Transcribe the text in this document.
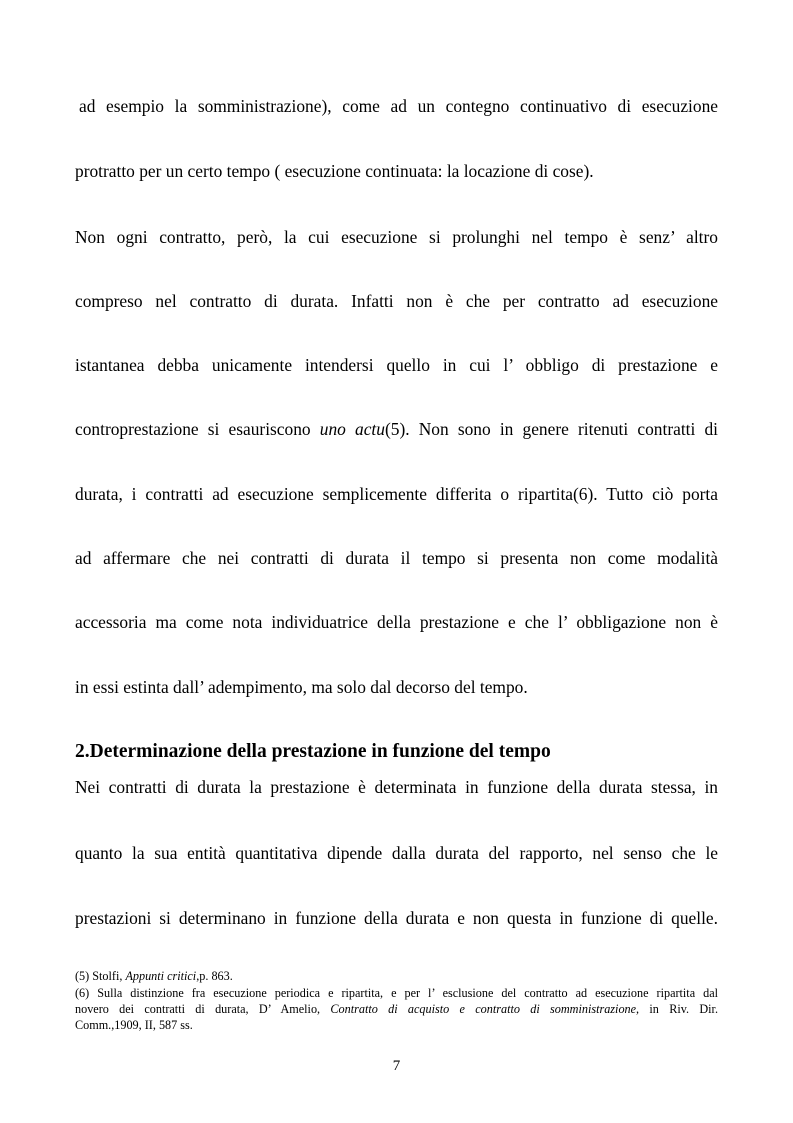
ad esempio la somministrazione), come ad un contegno continuativo di esecuzione
protratto per un certo tempo ( esecuzione continuata: la locazione di cose).
Non ogni contratto, però, la cui esecuzione si prolunghi nel tempo è senz’ altro
compreso nel contratto di durata. Infatti non è che per contratto ad esecuzione
istantanea debba unicamente intendersi quello in cui l’ obbligo di prestazione e
controprestazione si esauriscono uno actu(5). Non sono in genere ritenuti contratti di
durata, i contratti ad esecuzione semplicemente differita o ripartita(6). Tutto ciò porta
ad affermare che nei contratti di durata il tempo si presenta non come modalità
accessoria ma come nota individuatrice della prestazione e che l’ obbligazione non è
in essi estinta dall’ adempimento, ma solo dal decorso del tempo.
2.Determinazione della prestazione in funzione del tempo
Nei contratti di durata la prestazione è determinata in funzione della durata stessa, in
quanto la sua entità quantitativa dipende dalla durata del rapporto, nel senso che le
prestazioni si determinano in funzione della durata e non questa in funzione di quelle.
(5) Stolfi, Appunti critici,p. 863.
(6) Sulla distinzione fra esecuzione periodica e ripartita, e per l’ esclusione del contratto ad esecuzione ripartita dal
novero dei contratti di durata, D’ Amelio, Contratto di acquisto e contratto di somministrazione, in Riv. Dir.
Comm.,1909, II, 587 ss.
7
